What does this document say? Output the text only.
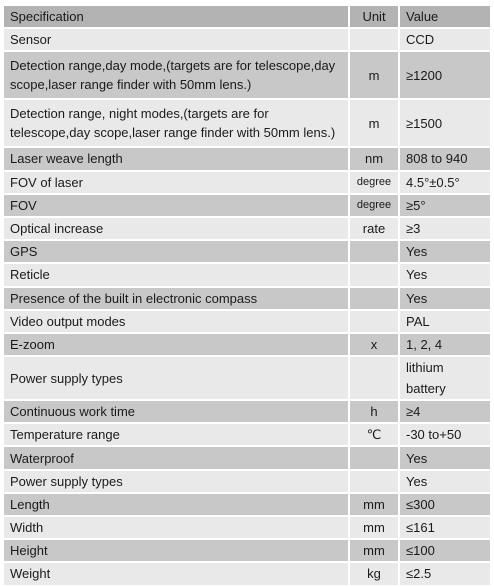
Specification	Unit	Value
Sensor		CCD
Detection range,day mode,(targets are for telescope,day scope,laser range finder with 50mm lens.)	m	≥1200
Detection range, night modes,(targets are for telescope,day scope,laser range finder with 50mm lens.)	m	≥1500
Laser weave length	nm	808 to 940
FOV of laser	degree	4.5°±0.5°
FOV	degree	≥5°
Optical increase	rate	≥3
GPS		Yes
Reticle		Yes
Presence of the built in electronic compass		Yes
Video output modes		PAL
E-zoom	x	1, 2, 4
Power supply types		lithium battery
Continuous work time	h	≥4
Temperature range	℃	-30 to+50
Waterproof		Yes
Power supply types		Yes
Length	mm	≤300
Width	mm	≤161
Height	mm	≤100
Weight	kg	≤2.5
